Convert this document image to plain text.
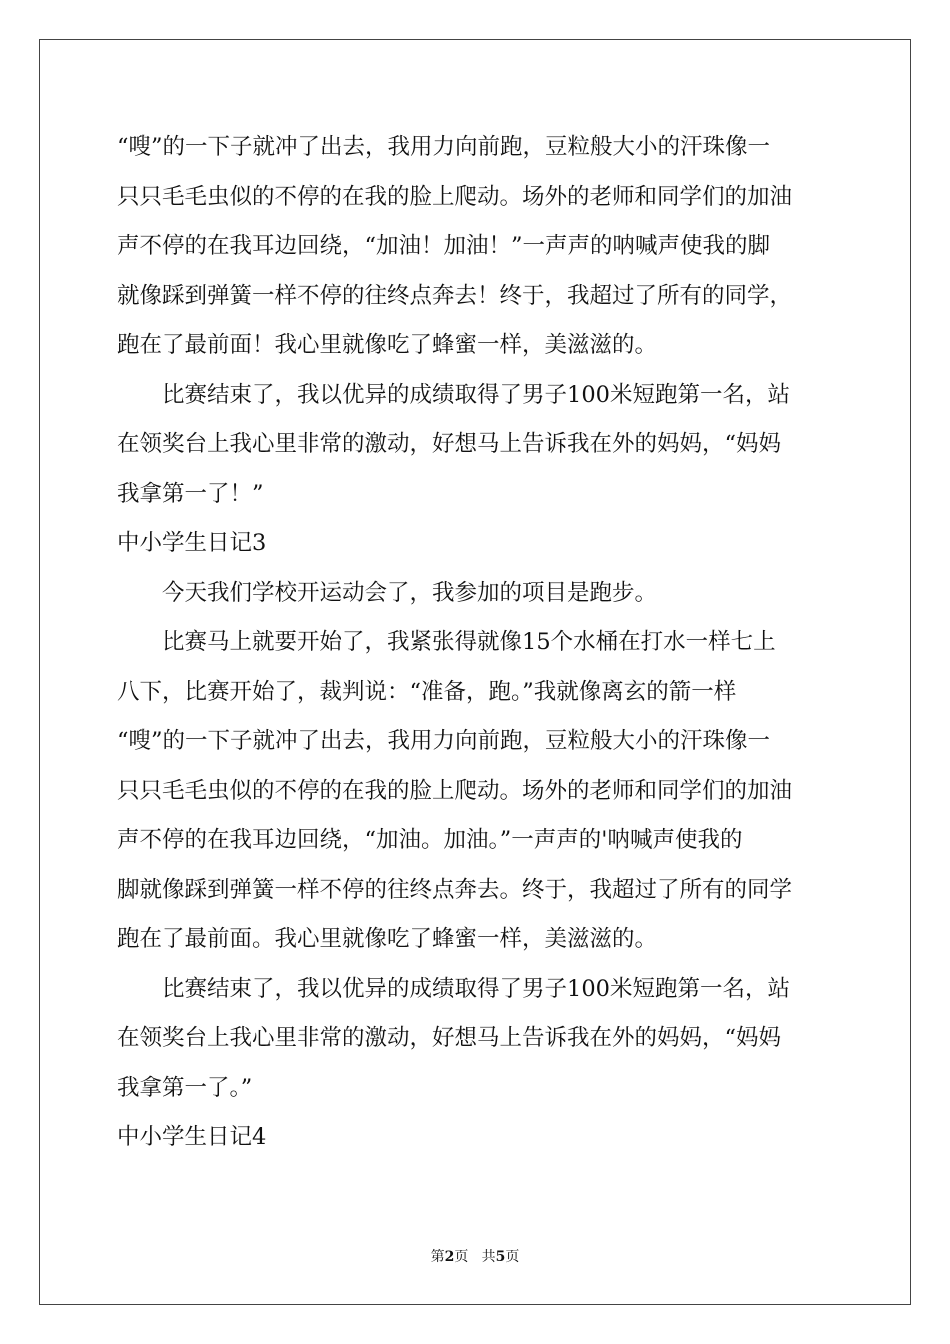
“嗖”的一下子就冲了出去，我用力向前跑，豆粒般大小的汗珠像一
只只毛毛虫似的不停的在我的脸上爬动。场外的老师和同学们的加油
声不停的在我耳边回绕，“加油！加油！”一声声的呐喊声使我的脚
就像踩到弹簧一样不停的往终点奔去！终于，我超过了所有的同学，
跑在了最前面！我心里就像吃了蜂蜜一样，美滋滋的。
　　比赛结束了，我以优异的成绩取得了男子100米短跑第一名，站
在领奖台上我心里非常的激动，好想马上告诉我在外的妈妈，“妈妈
我拿第一了！”
中小学生日记3
　　今天我们学校开运动会了，我参加的项目是跑步。
　　比赛马上就要开始了，我紧张得就像15个水桶在打水一样七上
八下，比赛开始了，裁判说：“准备，跑。”我就像离玄的箭一样
“嗖”的一下子就冲了出去，我用力向前跑，豆粒般大小的汗珠像一
只只毛毛虫似的不停的在我的脸上爬动。场外的老师和同学们的加油
声不停的在我耳边回绕，“加油。加油。”一声声的'呐喊声使我的
脚就像踩到弹簧一样不停的往终点奔去。终于，我超过了所有的同学
跑在了最前面。我心里就像吃了蜂蜜一样，美滋滋的。
　　比赛结束了，我以优异的成绩取得了男子100米短跑第一名，站
在领奖台上我心里非常的激动，好想马上告诉我在外的妈妈，“妈妈
我拿第一了。”
中小学生日记4
第2页 共5页
